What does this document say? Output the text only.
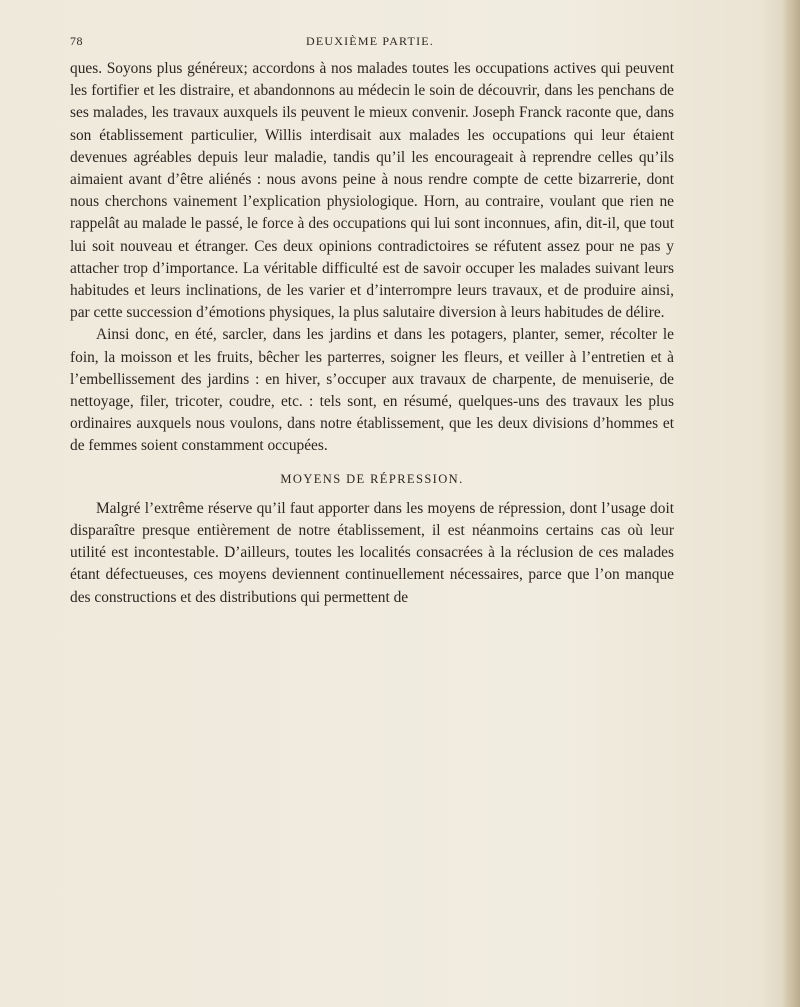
78	DEUXIÈME PARTIE.

ques. Soyons plus généreux; accordons à nos malades toutes les occupations actives qui peuvent les fortifier et les distraire, et abandonnons au médecin le soin de découvrir, dans les penchans de ses malades, les travaux auxquels ils peuvent le mieux convenir. Joseph Franck raconte que, dans son établissement particulier, Willis interdisait aux malades les occupations qui leur étaient devenues agréables depuis leur maladie, tandis qu’il les encourageait à reprendre celles qu’ils aimaient avant d’être aliénés : nous avons peine à nous rendre compte de cette bizarrerie, dont nous cherchons vainement l’explication physiologique. Horn, au contraire, voulant que rien ne rappelât au malade le passé, le force à des occupations qui lui sont inconnues, afin, dit-il, que tout lui soit nouveau et étranger. Ces deux opinions contradictoires se réfutent assez pour ne pas y attacher trop d’importance. La véritable difficulté est de savoir occuper les malades suivant leurs habitudes et leurs inclinations, de les varier et d’interrompre leurs travaux, et de produire ainsi, par cette succession d’émotions physiques, la plus salutaire diversion à leurs habitudes de délire.

Ainsi donc, en été, sarcler, dans les jardins et dans les potagers, planter, semer, récolter le foin, la moisson et les fruits, bêcher les parterres, soigner les fleurs, et veiller à l’entretien et à l’embellissement des jardins : en hiver, s’occuper aux travaux de charpente, de menuiserie, de nettoyage, filer, tricoter, coudre, etc. : tels sont, en résumé, quelques-uns des travaux les plus ordinaires auxquels nous voulons, dans notre établissement, que les deux divisions d’hommes et de femmes soient constamment occupées.

MOYENS DE RÉPRESSION.

Malgré l’extrême réserve qu’il faut apporter dans les moyens de répression, dont l’usage doit disparaître presque entièrement de notre établissement, il est néanmoins certains cas où leur utilité est incontestable. D’ailleurs, toutes les localités consacrées à la réclusion de ces malades étant défectueuses, ces moyens deviennent continuellement nécessaires, parce que l’on manque des constructions et des distributions qui permettent de
